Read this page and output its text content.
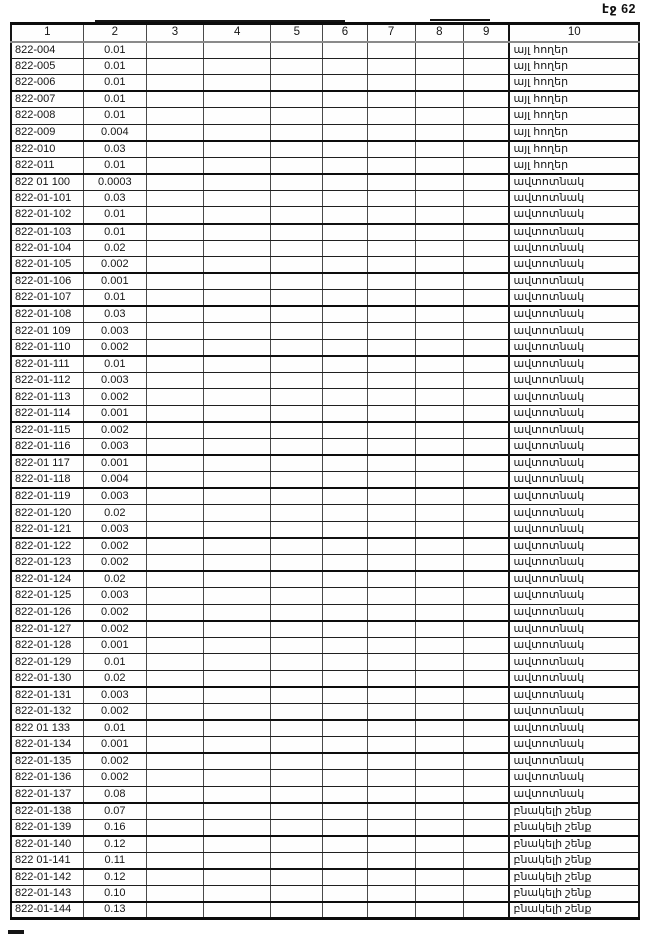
էջ 62
1	2	3	4	5	6	7	8	9	10
822-004	0.01								այլ հողեր
822-005	0.01								այլ հողեր
822-006	0.01								այլ հողեր
822-007	0.01								այլ հողեր
822-008	0.01								այլ հողեր
822-009	0.004								այլ հողեր
822-010	0.03								այլ հողեր
822-011	0.01								այլ հողեր
822 01 100	0.0003								ավտոտնակ
822-01-101	0.03								ավտոտնակ
822-01-102	0.01								ավտոտնակ
822-01-103	0.01								ավտոտնակ
822-01-104	0.02								ավտոտնակ
822-01-105	0.002								ավտոտնակ
822-01-106	0.001								ավտոտնակ
822-01-107	0.01								ավտոտնակ
822-01-108	0.03								ավտոտնակ
822-01 109	0.003								ավտոտնակ
822-01-110	0.002								ավտոտնակ
822-01-111	0.01								ավտոտնակ
822-01-112	0.003								ավտոտնակ
822-01-113	0.002								ավտոտնակ
822-01-114	0.001								ավտոտնակ
822-01-115	0.002								ավտոտնակ
822-01-116	0.003								ավտոտնակ
822-01 117	0.001								ավտոտնակ
822-01-118	0.004								ավտոտնակ
822-01-119	0.003								ավտոտնակ
822-01-120	0.02								ավտոտնակ
822-01-121	0.003								ավտոտնակ
822-01-122	0.002								ավտոտնակ
822-01-123	0.002								ավտոտնակ
822-01-124	0.02								ավտոտնակ
822-01-125	0.003								ավտոտնակ
822-01-126	0.002								ավտոտնակ
822-01-127	0.002								ավտոտնակ
822-01-128	0.001								ավտոտնակ
822-01-129	0.01								ավտոտնակ
822-01-130	0.02								ավտոտնակ
822-01-131	0.003								ավտոտնակ
822-01-132	0.002								ավտոտնակ
822 01 133	0.01								ավտոտնակ
822-01-134	0.001								ավտոտնակ
822-01-135	0.002								ավտոտնակ
822-01-136	0.002								ավտոտնակ
822-01-137	0.08								ավտոտնակ
822-01-138	0.07								բնակելի շենք
822-01-139	0.16								բնակելի շենք
822-01-140	0.12								բնակելի շենք
822 01-141	0.11								բնակելի շենք
822-01-142	0.12								բնակելի շենք
822-01-143	0.10								բնակելի շենք
822-01-144	0.13								բնակելի շենք
